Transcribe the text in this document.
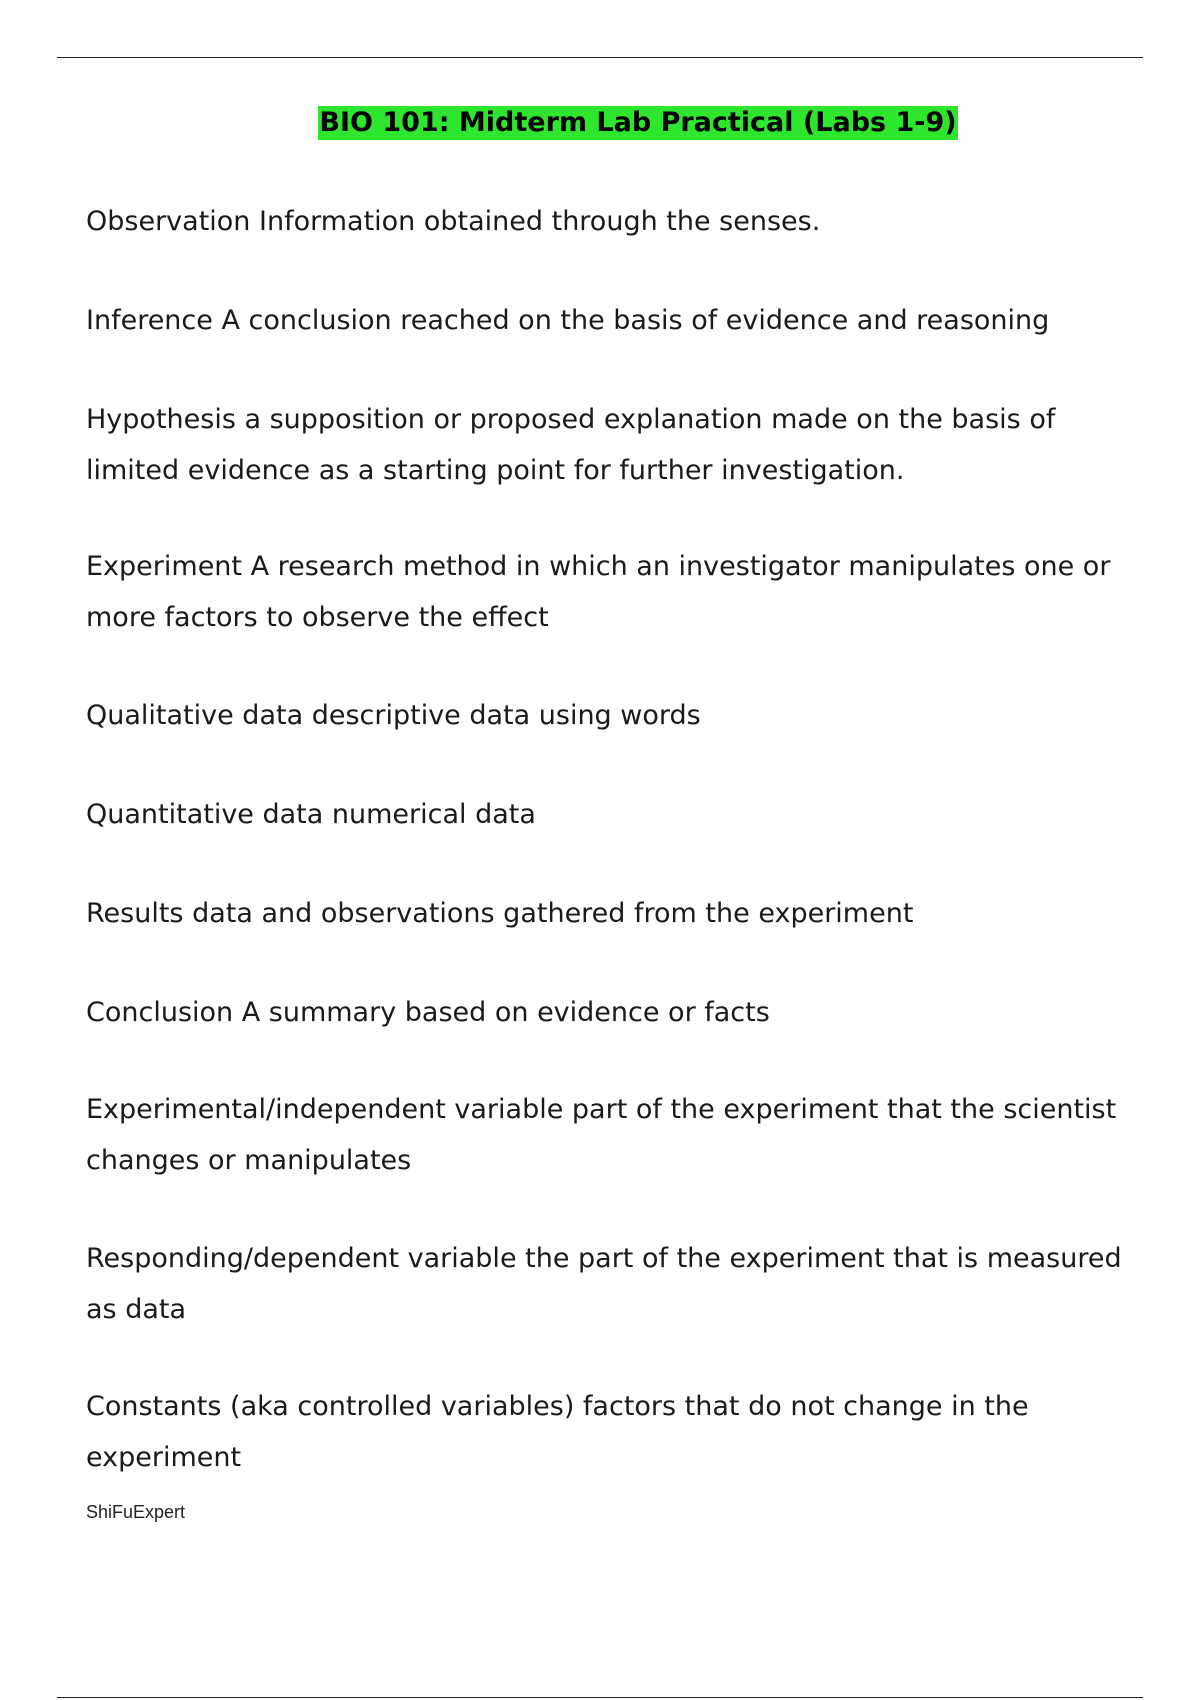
BIO 101: Midterm Lab Practical (Labs 1-9)

Observation Information obtained through the senses.

Inference A conclusion reached on the basis of evidence and reasoning

Hypothesis a supposition or proposed explanation made on the basis of
limited evidence as a starting point for further investigation.

Experiment A research method in which an investigator manipulates one or
more factors to observe the effect

Qualitative data descriptive data using words

Quantitative data numerical data

Results data and observations gathered from the experiment

Conclusion A summary based on evidence or facts

Experimental/independent variable part of the experiment that the scientist
changes or manipulates

Responding/dependent variable the part of the experiment that is measured
as data

Constants (aka controlled variables) factors that do not change in the
experiment

ShiFuExpert
